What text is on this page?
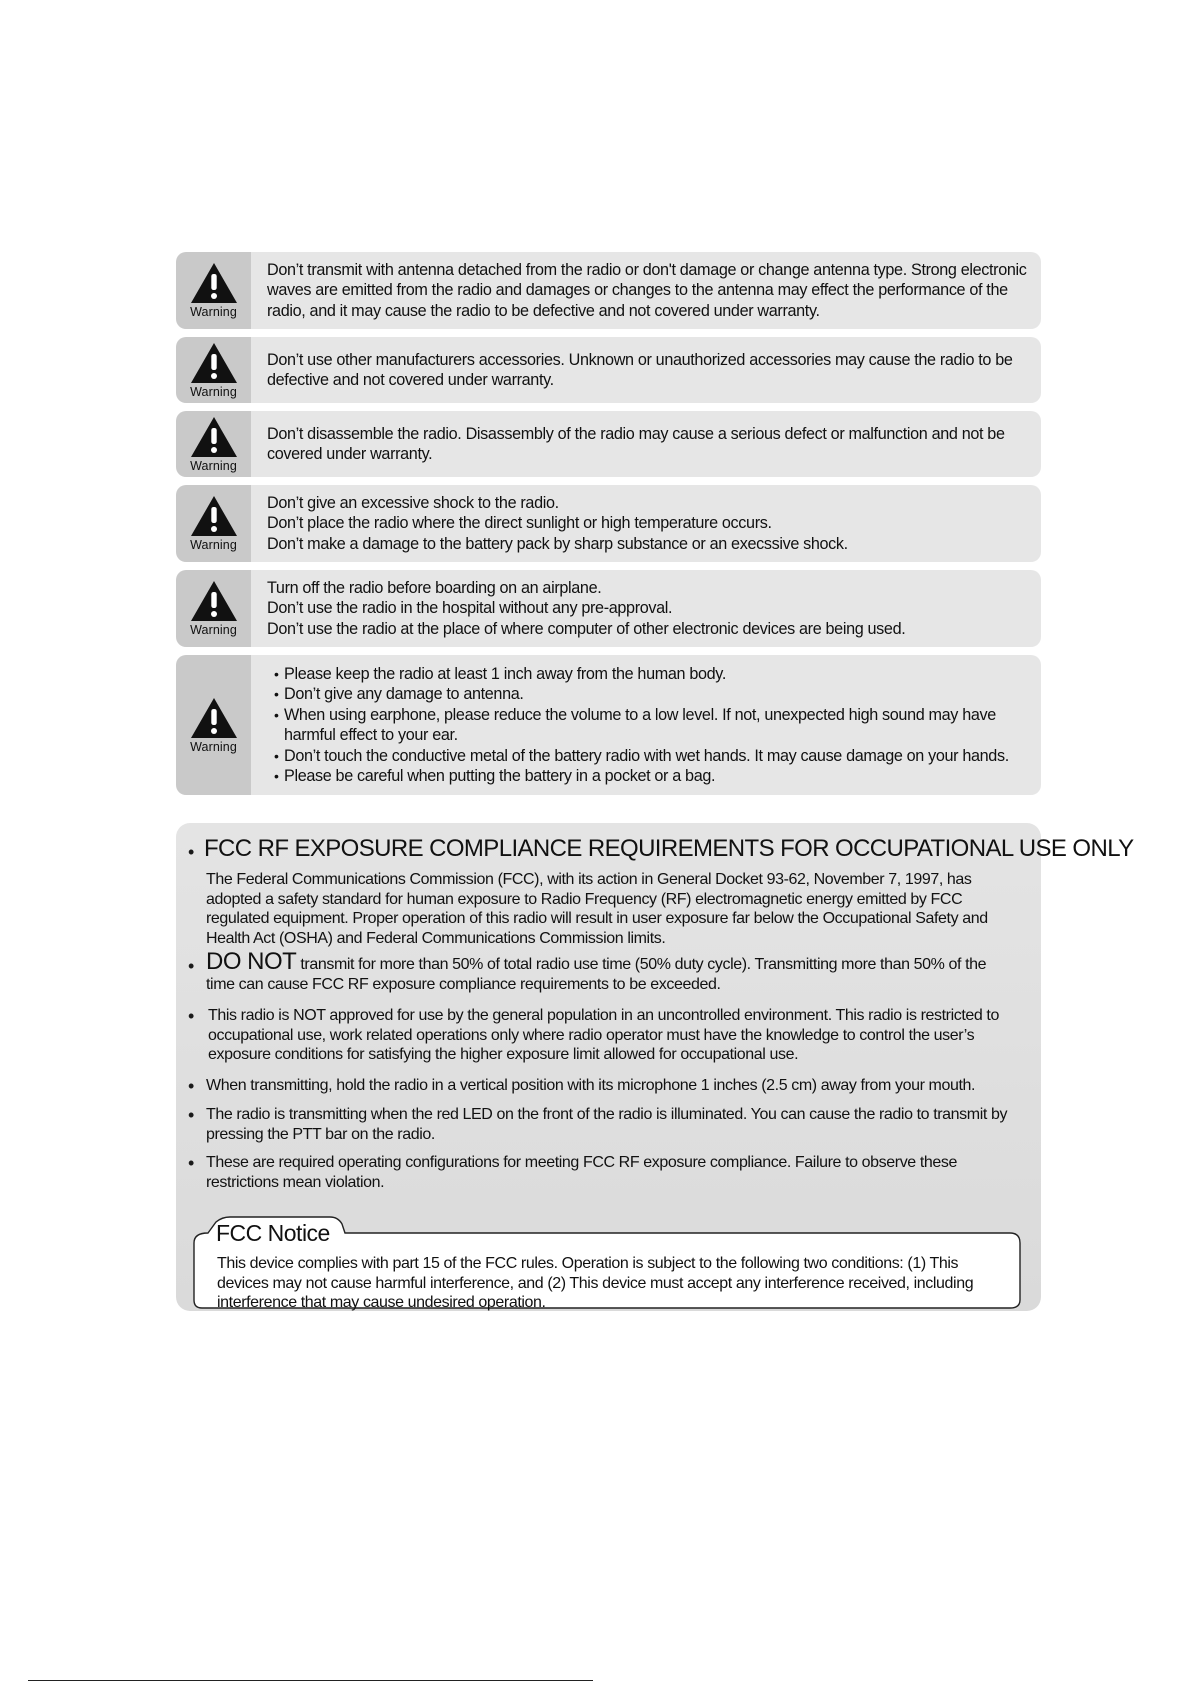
Warning
Don’t transmit with antenna detached from the radio or don't damage or change antenna type. Strong electronic
waves are emitted from the radio and damages or changes to the antenna may effect the performance of the
radio, and it may cause the radio to be defective and not covered under warranty.
Warning
Don’t use other manufacturers accessories. Unknown or unauthorized accessories may cause the radio to be
defective and not covered under warranty.
Warning
Don’t disassemble the radio. Disassembly of the radio may cause a serious defect or malfunction and not be
covered under warranty.
Warning
Don’t give an excessive shock to the radio.
Don’t place the radio where the direct sunlight or high temperature occurs.
Don’t make a damage to the battery pack by sharp substance or an execssive shock.
Warning
Turn off the radio before boarding on an airplane.
Don’t use the radio in the hospital without any pre-approval.
Don’t use the radio at the place of where computer of other electronic devices are being used.
Warning
• Please keep the radio at least 1 inch away from the human body.
• Don’t give any damage to antenna.
• When using earphone, please reduce the volume to a low level. If not, unexpected high sound may have harmful effect to your ear.
• Don’t touch the conductive metal of the battery radio with wet hands. It may cause damage on your hands.
• Please be careful when putting the battery in a pocket or a bag.
• FCC RF EXPOSURE COMPLIANCE REQUIREMENTS FOR OCCUPATIONAL USE ONLY
The Federal Communications Commission (FCC), with its action in General Docket 93-62, November 7, 1997, has adopted a safety standard for human exposure to Radio Frequency (RF) electromagnetic energy emitted by FCC regulated equipment. Proper operation of this radio will result in user exposure far below the Occupational Safety and Health Act (OSHA) and Federal Communications Commission limits.
• DO NOT transmit for more than 50% of total radio use time (50% duty cycle). Transmitting more than 50% of the time can cause FCC RF exposure compliance requirements to be exceeded.
• This radio is NOT approved for use by the general population in an uncontrolled environment. This radio is restricted to occupational use, work related operations only where radio operator must have the knowledge to control the user’s exposure conditions for satisfying the higher exposure limit allowed for occupational use.
• When transmitting, hold the radio in a vertical position with its microphone 1 inches (2.5 cm) away from your mouth.
• The radio is transmitting when the red LED on the front of the radio is illuminated. You can cause the radio to transmit by pressing the PTT bar on the radio.
• These are required operating configurations for meeting FCC RF exposure compliance. Failure to observe these restrictions mean violation.
FCC Notice
This device complies with part 15 of the FCC rules. Operation is subject to the following two conditions: (1) This devices may not cause harmful interference, and (2) This device must accept any interference received, including interference that may cause undesired operation.
